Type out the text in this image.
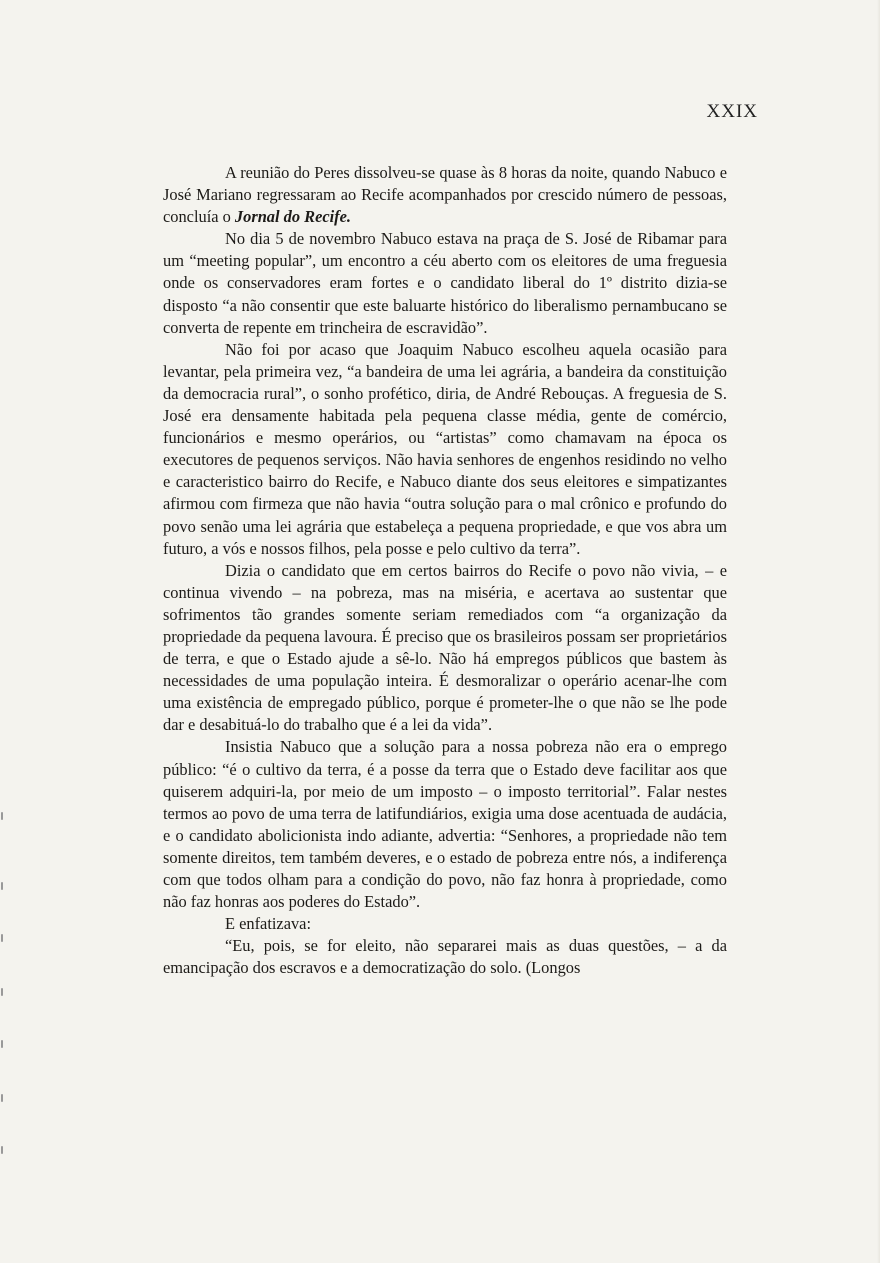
XXIX

A reunião do Peres dissolveu-se quase às 8 horas da noite, quando Nabuco e José Mariano regressaram ao Recife acompanhados por crescido número de pessoas, concluía o Jornal do Recife.

No dia 5 de novembro Nabuco estava na praça de S. José de Ribamar para um “meeting popular”, um encontro a céu aberto com os eleitores de uma freguesia onde os conservadores eram fortes e o candidato liberal do 1º distrito dizia-se disposto “a não consentir que este baluarte histórico do liberalismo pernambucano se converta de repente em trincheira de escravidão”.

Não foi por acaso que Joaquim Nabuco escolheu aquela ocasião para levantar, pela primeira vez, “a bandeira de uma lei agrária, a bandeira da constituição da democracia rural”, o sonho profético, diria, de André Rebouças. A freguesia de S. José era densamente habitada pela pequena classe média, gente de comércio, funcionários e mesmo operários, ou “artistas” como chamavam na época os executores de pequenos serviços. Não havia senhores de engenhos residindo no velho e caracteristico bairro do Recife, e Nabuco diante dos seus eleitores e simpatizantes afirmou com firmeza que não havia “outra solução para o mal crônico e profundo do povo senão uma lei agrária que estabeleça a pequena propriedade, e que vos abra um futuro, a vós e nossos filhos, pela posse e pelo cultivo da terra”.

Dizia o candidato que em certos bairros do Recife o povo não vivia, – e continua vivendo – na pobreza, mas na miséria, e acertava ao sustentar que sofrimentos tão grandes somente seriam remediados com “a organização da propriedade da pequena lavoura. É preciso que os brasileiros possam ser proprietários de terra, e que o Estado ajude a sê-lo. Não há empregos públicos que bastem às necessidades de uma população inteira. É desmoralizar o operário acenar-lhe com uma existência de empregado público, porque é prometer-lhe o que não se lhe pode dar e desabituá-lo do trabalho que é a lei da vida”.

Insistia Nabuco que a solução para a nossa pobreza não era o emprego público: “é o cultivo da terra, é a posse da terra que o Estado deve facilitar aos que quiserem adquiri-la, por meio de um imposto – o imposto territorial”. Falar nestes termos ao povo de uma terra de latifundiários, exigia uma dose acentuada de audácia, e o candidato abolicionista indo adiante, advertia: “Senhores, a propriedade não tem somente direitos, tem também deveres, e o estado de pobreza entre nós, a indiferença com que todos olham para a condição do povo, não faz honra à propriedade, como não faz honras aos poderes do Estado”.

E enfatizava:

“Eu, pois, se for eleito, não separarei mais as duas questões, – a da emancipação dos escravos e a democratização do solo. (Longos
